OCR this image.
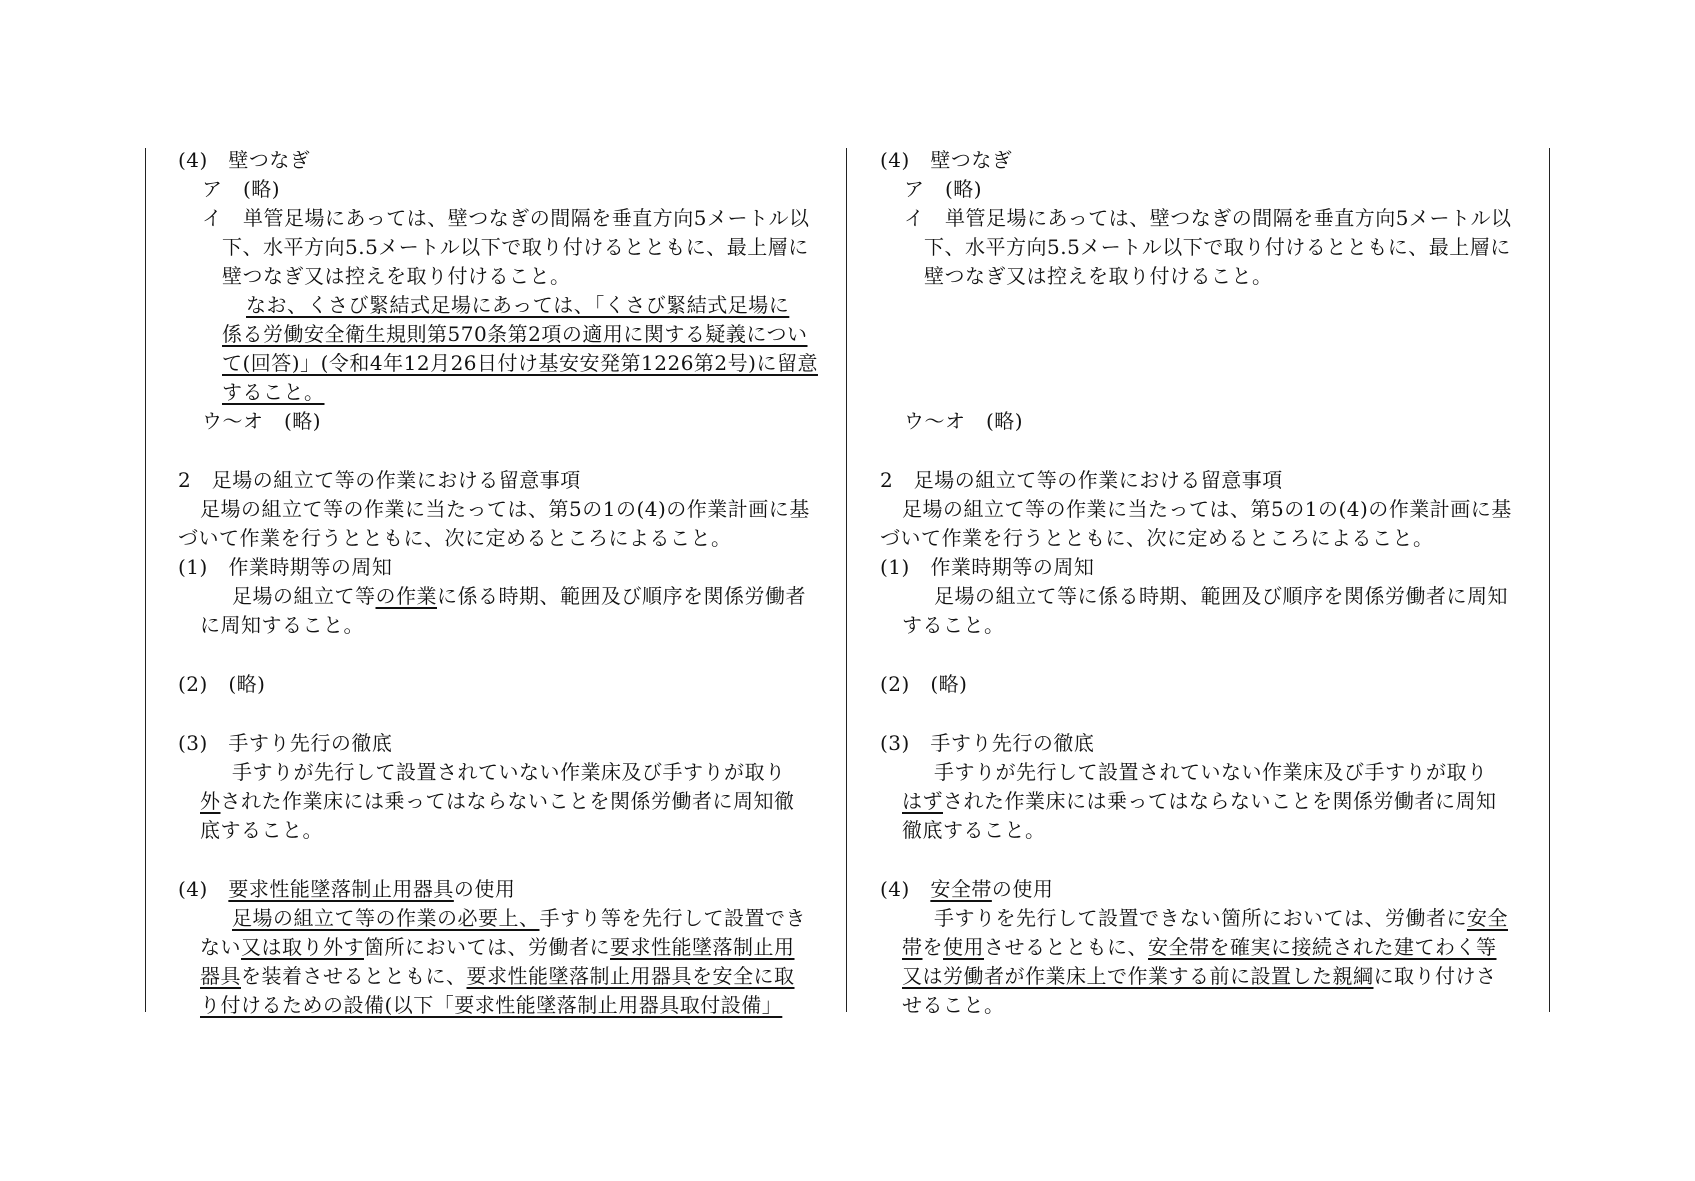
(4)　壁つなぎ
ア　(略)
イ　単管足場にあっては、壁つなぎの間隔を垂直方向5メートル以
下、水平方向5.5メートル以下で取り付けるとともに、最上層に
壁つなぎ又は控えを取り付けること。
なお、くさび緊結式足場にあっては、「くさび緊結式足場に
係る労働安全衛生規則第570条第2項の適用に関する疑義につい
て(回答)」(令和4年12月26日付け基安安発第1226第2号)に留意
すること。
ウ～オ　(略)
2　足場の組立て等の作業における留意事項
足場の組立て等の作業に当たっては、第5の1の(4)の作業計画に基
づいて作業を行うとともに、次に定めるところによること。
(1)　作業時期等の周知
足場の組立て等の作業に係る時期、範囲及び順序を関係労働者
に周知すること。
(2)　(略)
(3)　手すり先行の徹底
手すりが先行して設置されていない作業床及び手すりが取り
外された作業床には乗ってはならないことを関係労働者に周知徹
底すること。
(4)　要求性能墜落制止用器具の使用
足場の組立て等の作業の必要上、手すり等を先行して設置でき
ない又は取り外す箇所においては、労働者に要求性能墜落制止用
器具を装着させるとともに、要求性能墜落制止用器具を安全に取
り付けるための設備(以下「要求性能墜落制止用器具取付設備」
(4)　壁つなぎ
ア　(略)
イ　単管足場にあっては、壁つなぎの間隔を垂直方向5メートル以
下、水平方向5.5メートル以下で取り付けるとともに、最上層に
壁つなぎ又は控えを取り付けること。
ウ～オ　(略)
2　足場の組立て等の作業における留意事項
足場の組立て等の作業に当たっては、第5の1の(4)の作業計画に基
づいて作業を行うとともに、次に定めるところによること。
(1)　作業時期等の周知
足場の組立て等に係る時期、範囲及び順序を関係労働者に周知
すること。
(2)　(略)
(3)　手すり先行の徹底
手すりが先行して設置されていない作業床及び手すりが取り
はずされた作業床には乗ってはならないことを関係労働者に周知
徹底すること。
(4)　安全帯の使用
手すりを先行して設置できない箇所においては、労働者に安全
帯を使用させるとともに、安全帯を確実に接続された建てわく等
又は労働者が作業床上で作業する前に設置した親綱に取り付けさ
せること。
